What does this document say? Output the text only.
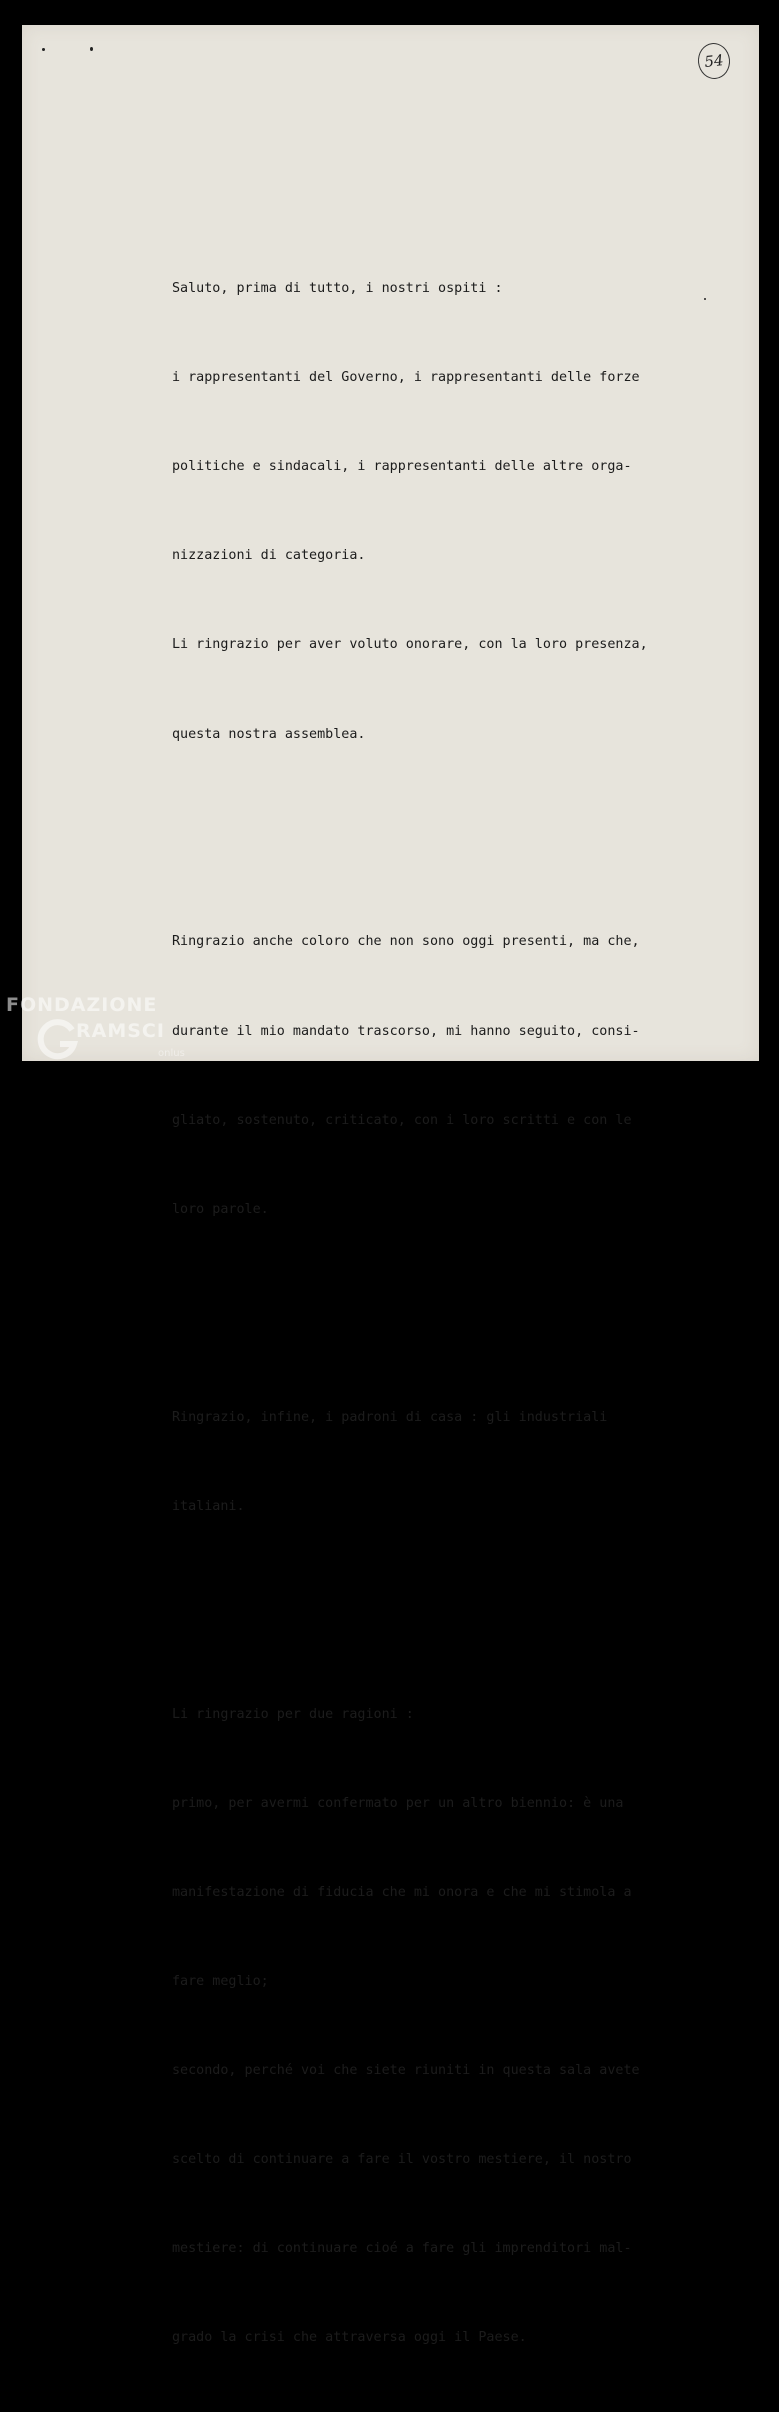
54

Saluto, prima di tutto, i nostri ospiti :

i rappresentanti del Governo, i rappresentanti delle forze

politiche e sindacali, i rappresentanti delle altre orga-

nizzazioni di categoria.

Li ringrazio per aver voluto onorare, con la loro presenza,

questa nostra assemblea.

Ringrazio anche coloro che non sono oggi presenti, ma che,

durante il mio mandato trascorso, mi hanno seguito, consi-

gliato, sostenuto, criticato, con i loro scritti e con le

loro parole.

Ringrazio, infine, i padroni di casa : gli industriali

italiani.

Li ringrazio per due ragioni :

primo, per avermi confermato per un altro biennio: è una

manifestazione di fiducia che mi onora e che mi stimola a

fare meglio;

secondo, perché voi che siete riuniti in questa sala avete

scelto di continuare a fare il vostro mestiere, il nostro

mestiere: di continuare cioé a fare gli imprenditori mal-

grado la crisi che attraversa oggi il Paese.

FONDAZIONE
RAMSCI
onlus
